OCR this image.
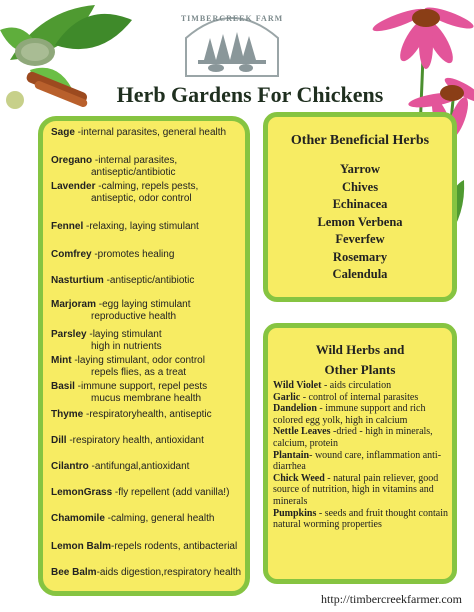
TIMBERCREEK FARM
Herb Gardens For Chickens
Sage -internal parasites, general health
Oregano -internal parasites,
antiseptic/antibiotic
Lavender -calming, repels pests,
antiseptic, odor control
Fennel -relaxing, laying stimulant
Comfrey -promotes healing
Nasturtium -antiseptic/antibiotic
Marjoram -egg laying stimulant
reproductive health
Parsley -laying stimulant
high in nutrients
Mint -laying stimulant, odor control
repels flies, as a treat
Basil -immune support, repel pests
mucus membrane health
Thyme -respiratoryhealth, antiseptic
Dill -respiratory health, antioxidant
Cilantro -antifungal,antioxidant
LemonGrass -fly repellent (add vanilla!)
Chamomile -calming, general health
Lemon Balm-repels rodents, antibacterial
Bee Balm-aids digestion,respiratory health
Other Beneficial Herbs
Yarrow
Chives
Echinacea
Lemon Verbena
Feverfew
Rosemary
Calendula
Wild Herbs and
Other Plants
Wild Violet - aids circulation
Garlic - control of internal parasites
Dandelion - immune support and rich colored egg yolk, high in calcium
Nettle Leaves -dried - high in minerals, calcium, protein
Plantain- wound care, inflammation anti-diarrhea
Chick Weed - natural pain reliever, good source of nutrition, high in vitamins and minerals
Pumpkins - seeds and fruit thought contain natural worming properties
http://timbercreekfarmer.com
